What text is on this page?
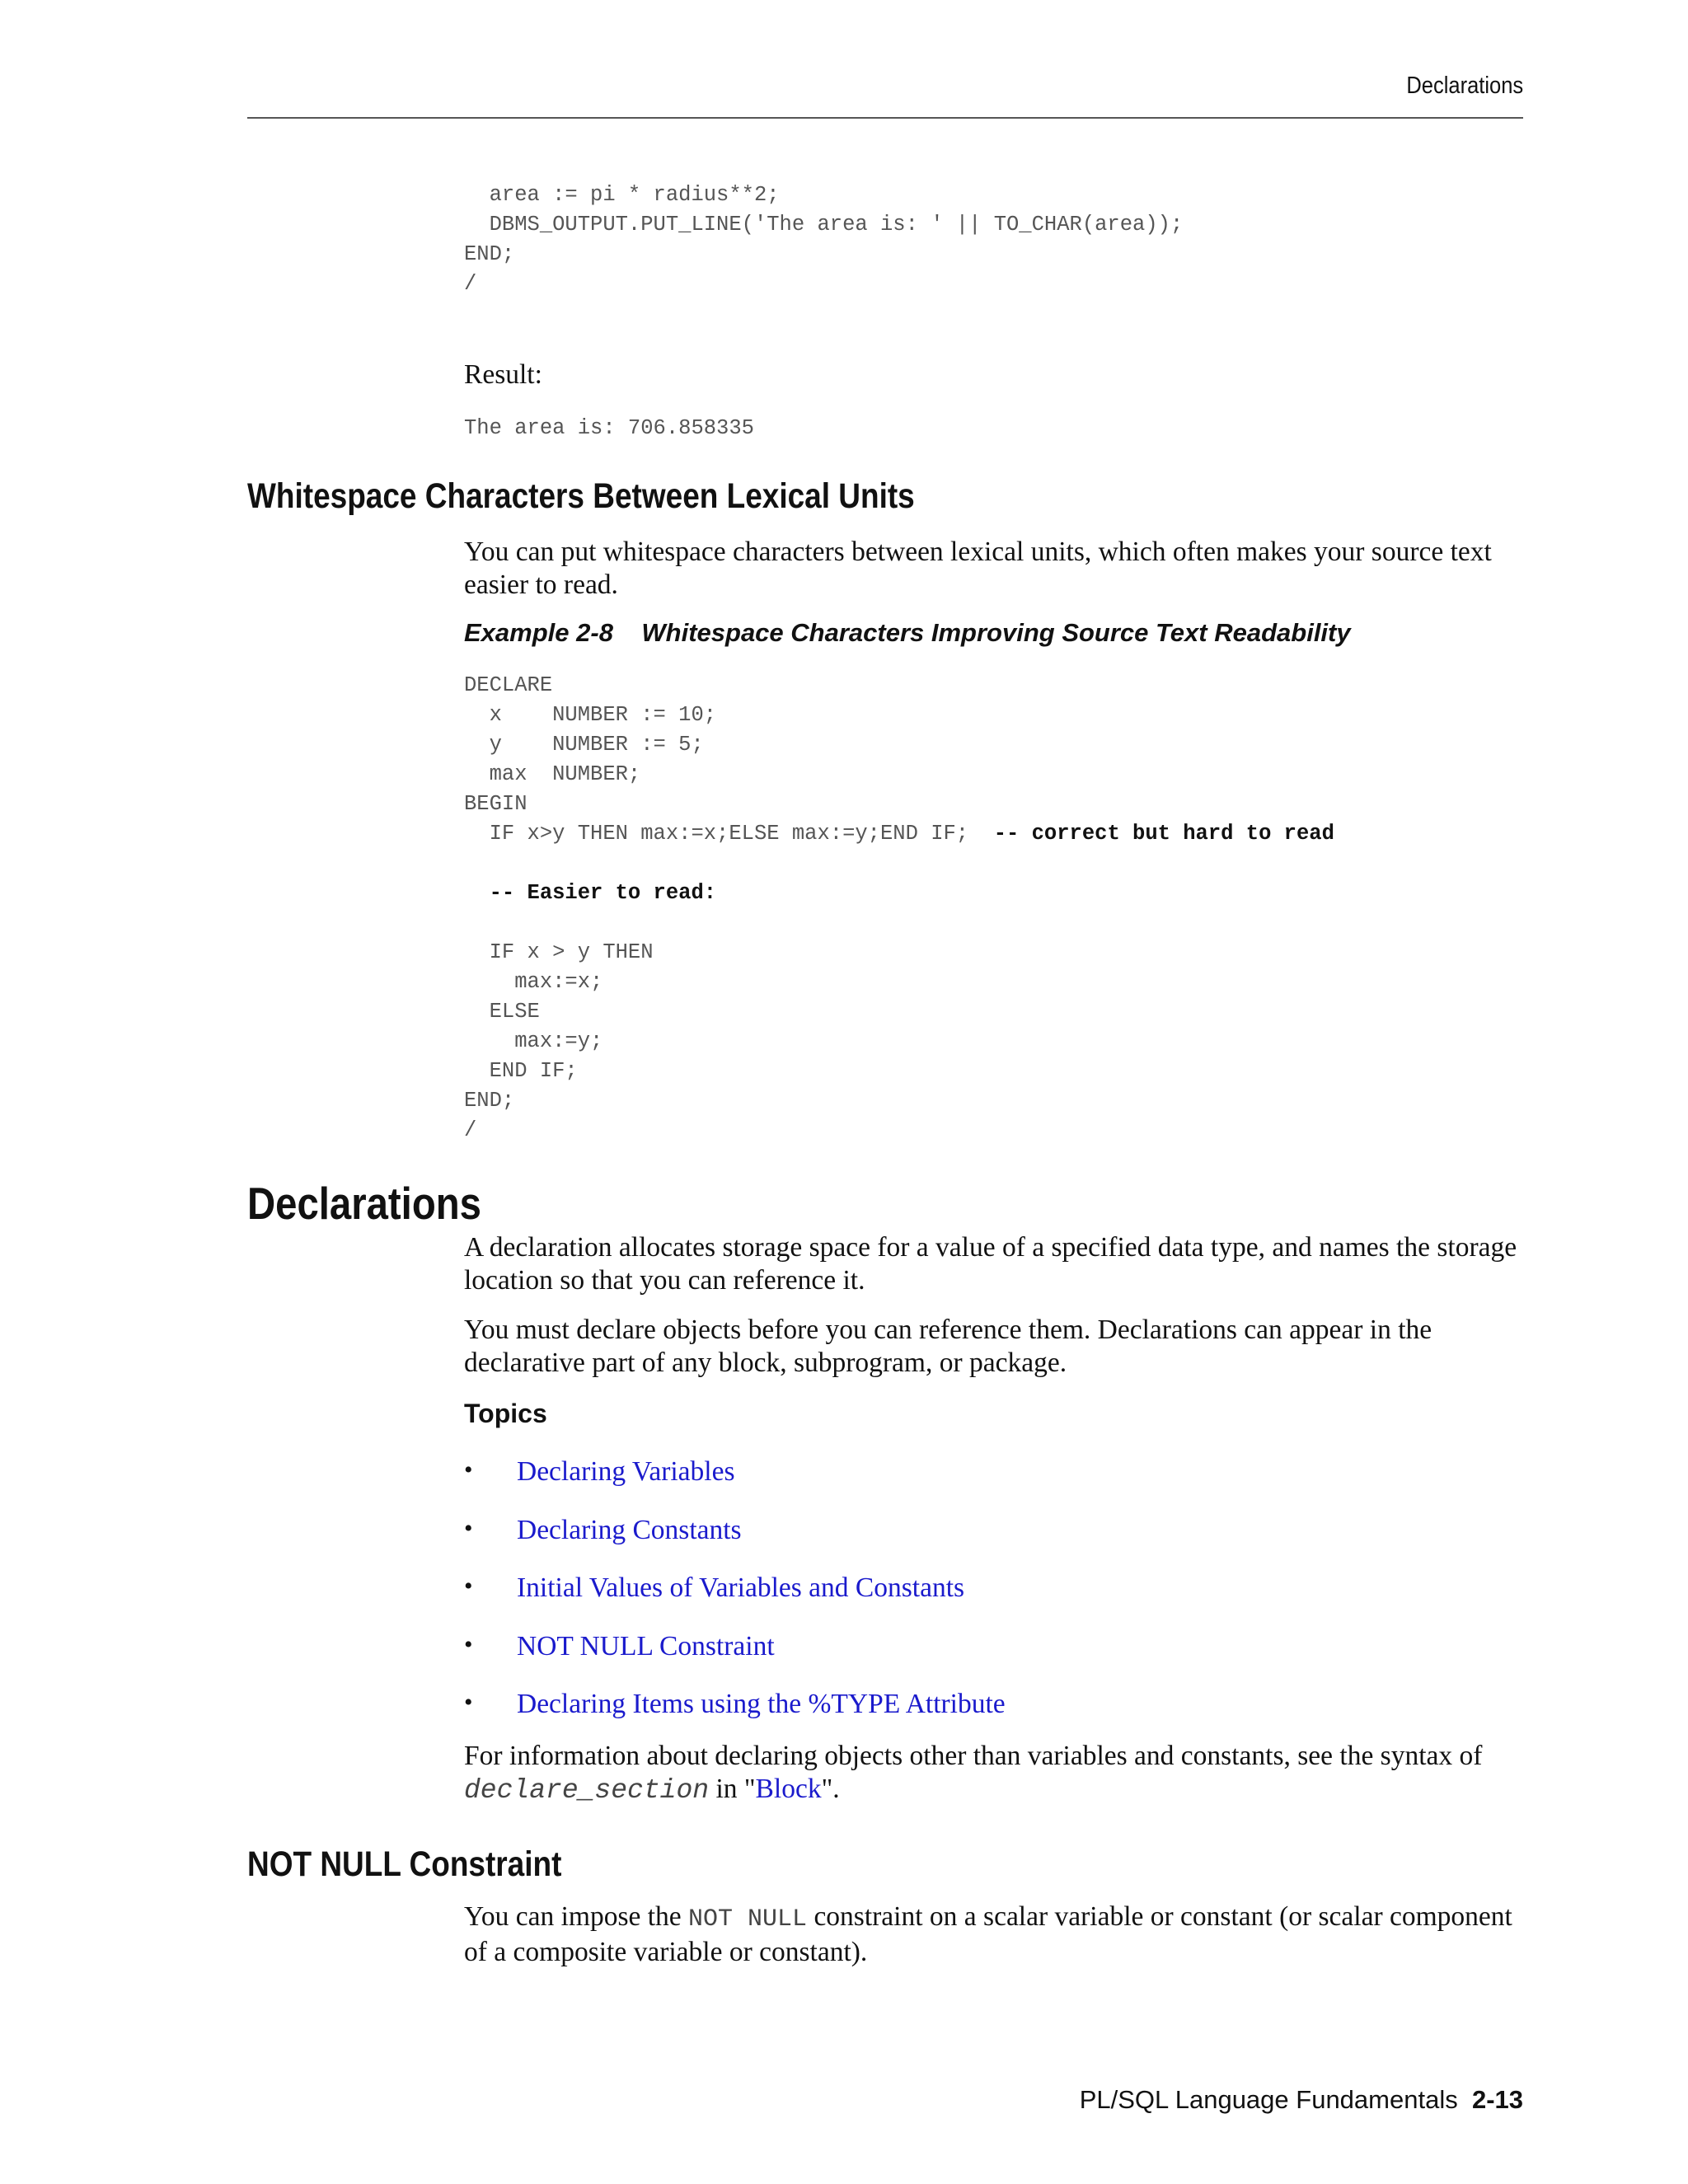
Declarations
area := pi * radius**2;
DBMS_OUTPUT.PUT_LINE('The area is: ' || TO_CHAR(area));
END;
/

Result:

The area is: 706.858335
Whitespace Characters Between Lexical Units

You can put whitespace characters between lexical units, which often makes your source text easier to read.

Example 2-8 Whitespace Characters Improving Source Text Readability
DECLARE
x    NUMBER := 10;
y    NUMBER := 5;
max  NUMBER;
BEGIN
IF x>y THEN max:=x;ELSE max:=y;END IF;  -- correct but hard to read

-- Easier to read:

IF x > y THEN
max:=x;
ELSE
max:=y;
END IF;
END;
/
Declarations

A declaration allocates storage space for a value of a specified data type, and names the storage location so that you can reference it.

You must declare objects before you can reference them. Declarations can appear in the declarative part of any block, subprogram, or package.

Topics
• Declaring Variables
• Declaring Constants
• Initial Values of Variables and Constants
• NOT NULL Constraint
• Declaring Items using the %TYPE Attribute

For information about declaring objects other than variables and constants, see the syntax of declare_section in "Block".

NOT NULL Constraint

You can impose the NOT NULL constraint on a scalar variable or constant (or scalar component of a composite variable or constant).

PL/SQL Language Fundamentals 2-13
